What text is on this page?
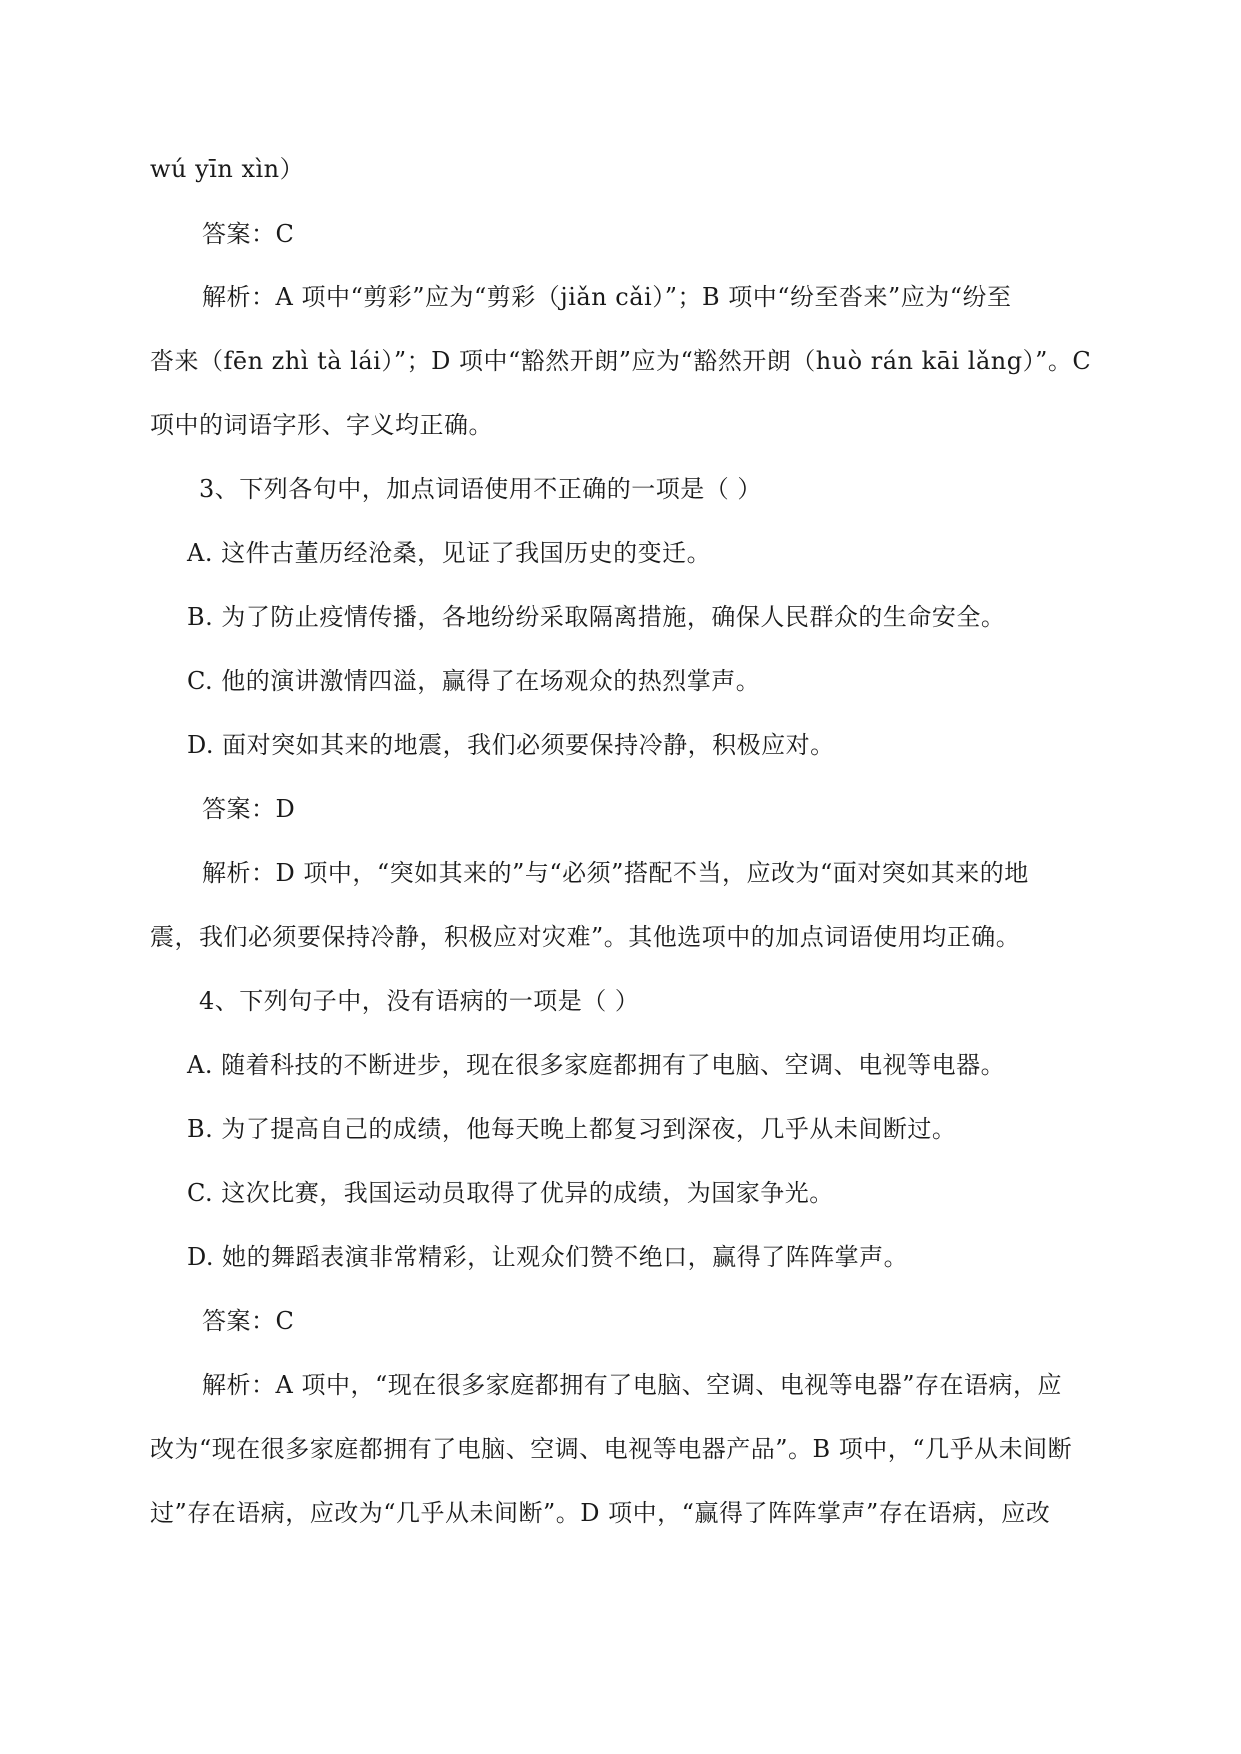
wú yīn xìn）
答案：C
解析：A 项中“剪彩”应为“剪彩（jiǎn cǎi）”；B 项中“纷至沓来”应为“纷至
沓来（fēn zhì tà lái）”；D 项中“豁然开朗”应为“豁然开朗（huò rán kāi lǎng）”。C
项中的词语字形、字义均正确。
3、下列各句中，加点词语使用不正确的一项是（ ）
A. 这件古董历经沧桑，见证了我国历史的变迁。
B. 为了防止疫情传播，各地纷纷采取隔离措施，确保人民群众的生命安全。
C. 他的演讲激情四溢，赢得了在场观众的热烈掌声。
D. 面对突如其来的地震，我们必须要保持冷静，积极应对。
答案：D
解析：D 项中，“突如其来的”与“必须”搭配不当，应改为“面对突如其来的地
震，我们必须要保持冷静，积极应对灾难”。其他选项中的加点词语使用均正确。
4、下列句子中，没有语病的一项是（ ）
A. 随着科技的不断进步，现在很多家庭都拥有了电脑、空调、电视等电器。
B. 为了提高自己的成绩，他每天晚上都复习到深夜，几乎从未间断过。
C. 这次比赛，我国运动员取得了优异的成绩，为国家争光。
D. 她的舞蹈表演非常精彩，让观众们赞不绝口，赢得了阵阵掌声。
答案：C
解析：A 项中，“现在很多家庭都拥有了电脑、空调、电视等电器”存在语病，应
改为“现在很多家庭都拥有了电脑、空调、电视等电器产品”。B 项中，“几乎从未间断
过”存在语病，应改为“几乎从未间断”。D 项中，“赢得了阵阵掌声”存在语病，应改
